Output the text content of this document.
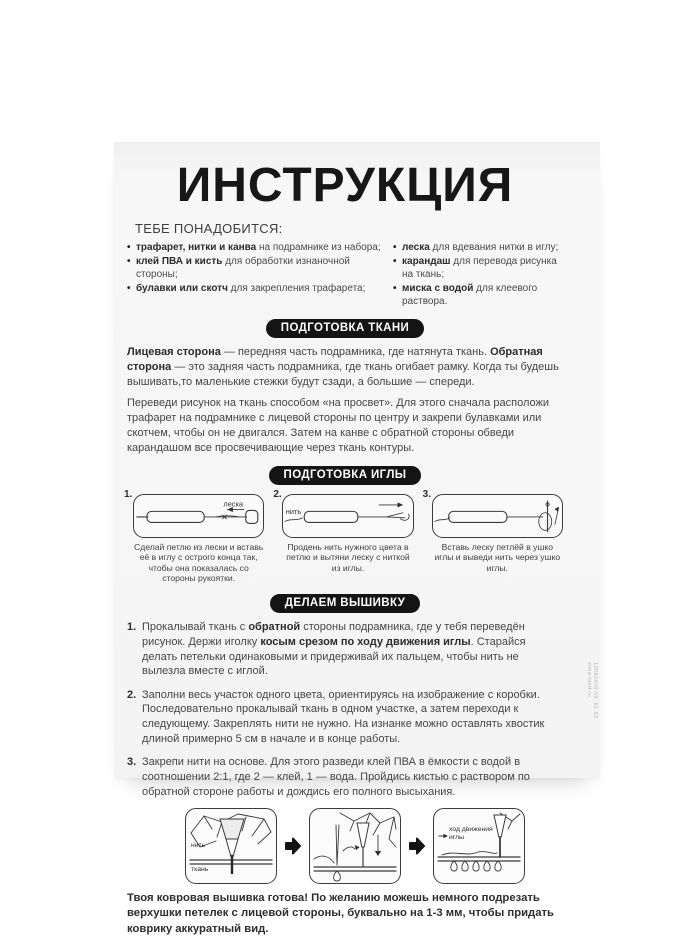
ИНСТРУКЦИЯ
ТЕБЕ ПОНАДОБИТСЯ:
• трафарет, нитки и канва на подрамнике из набора;
• клей ПВА и кисть для обработки изнаночной стороны;
• булавки или скотч для закрепления трафарета;
• леска для вдевания нитки в иглу;
• карандаш для перевода рисунка на ткань;
• миска с водой для клеевого раствора.
ПОДГОТОВКА ТКАНИ

Лицевая сторона — передняя часть подрамника, где натянута ткань. Обратная сторона — это задняя часть подрамника, где ткань огибает рамку. Когда ты будешь вышивать,то маленькие стежки будут сзади, а большие — спереди.

Переведи рисунок на ткань способом «на просвет». Для этого сначала расположи трафарет на подрамнике с лицевой стороны по центру и закрепи булавками или скотчем, чтобы он не двигался. Затем на канве с обратной стороны обведи карандашом все просвечивающие через ткань контуры.

ПОДГОТОВКА ИГЛЫ
1.
леска
Сделай петлю из лески и вставь её в иглу с острого конца так, чтобы она показалась со стороны рукоятки.
2.
нить
Продень нить нужного цвета в петлю и вытяни леску с ниткой из иглы.
3.
Вставь леску петлёй в ушко иглы и выведи нить через ушко иглы.
ДЕЛАЕМ ВЫШИВКУ
1. Прокалывай ткань с обратной стороны подрамника, где у тебя переведён рисунок. Держи иголку косым срезом по ходу движения иглы. Старайся делать петельки одинаковыми и придерживай их пальцем, чтобы нить не вылезла вместе с иглой.
2. Заполни весь участок одного цвета, ориентируясь на изображение с коробки. Последовательно прокалывай ткань в одном участке, а затем переходи к следующему. Закреплять нити не нужно. На изнанке можно оставлять хвостик длиной примерно 5 см в начале и в конце работы.
3. Закрепи нити на основе. Для этого разведи клей ПВА в ёмкости с водой в соотношении 2:1, где 2 — клей, 1 — вода. Пройдись кистью с раствором по обратной стороне работы и дождись его полного высыхания.
нить
ткань
ход движения иглы

Твоя ковровая вышивка готова! По желанию можешь немного подрезать верхушки петелек с лицевой стороны, буквально на 1-3 мм, чтобы придать коврику аккуратный вид.

10082409-59, 61-62
sima-land.ru
